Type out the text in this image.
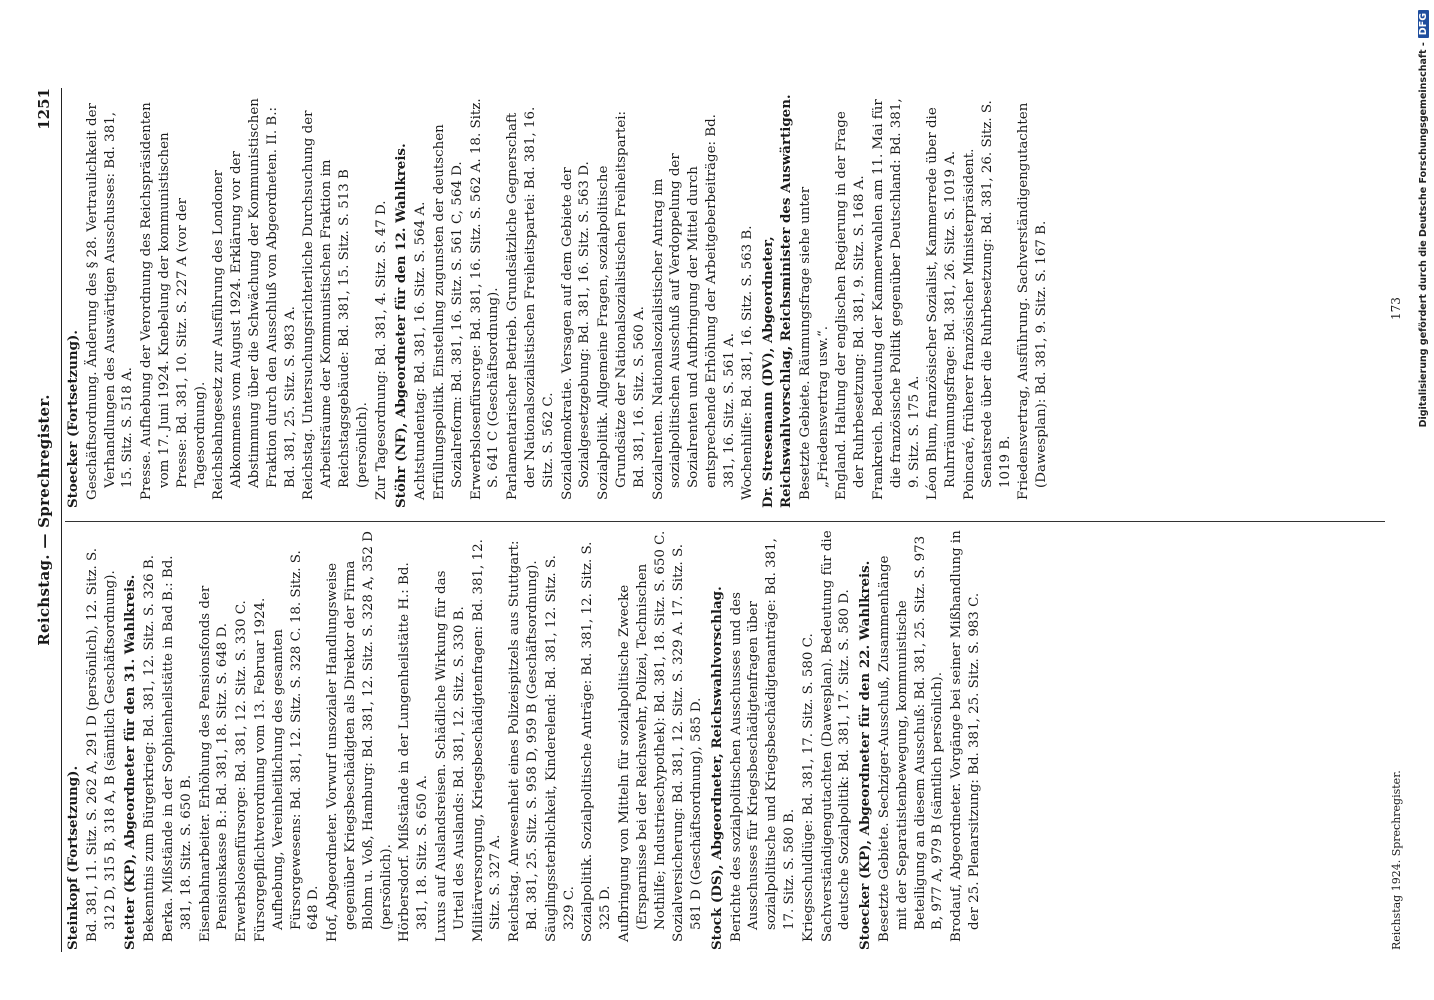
Reichstag. — Sprechregister.
1251
Steinkopf (Fortsetzung). Bd. 381, 11. Sitz. S. 262 A, 291 D (persönlich), 12. Sitz. S. 312 D, 315 B, 318 A, B (sämtlich Geschäftsordnung). Stetter (KP), Abgeordneter für den 31. Wahlkreis. Bekenntnis zum Bürgerkrieg: Bd. 381, 12. Sitz. S. 326 B. Berka. Mißstände in der Sophienheilstätte in Bad B.: Bd. 381, 18. Sitz. S. 650 B. Eisenbahnarbeiter. Erhöhung des Pensionsfonds der Pensionskasse B.: Bd. 381, 18. Sitz. S. 648 D. Erwerbslosenfürsorge: Bd. 381, 12. Sitz. S. 330 C. Fürsorgepflichtverordnung vom 13. Februar 1924. Aufhebung, Vereinheitlichung des gesamten Fürsorgewesens: Bd. 381, 12. Sitz. S. 328 C. 18. Sitz. S. 648 D. Hof, Abgeordneter. Vorwurf unsozialer Handlungsweise gegenüber Kriegsbeschädigten als Direktor der Firma Blohm u. Voß, Hamburg: Bd. 381, 12. Sitz. S. 328 A, 352 D (persönlich). Hörbersdorf. Mißstände in der Lungenheilstätte H.: Bd. 381, 18. Sitz. S. 650 A. Luxus auf Auslandsreisen. Schädliche Wirkung für das Urteil des Auslands: Bd. 381, 12. Sitz. S. 330 B. Militärversorgung, Kriegsbeschädigtenfragen: Bd. 381, 12. Sitz. S. 327 A. Reichstag. Anwesenheit eines Polizeispitzels aus Stuttgart: Bd. 381, 25. Sitz. S. 958 D, 959 B (Geschäftsordnung). Säuglingssterblichkeit, Kinderelend: Bd. 381, 12. Sitz. S. 329 C. Sozialpolitik. Sozialpolitische Anträge: Bd. 381, 12. Sitz. S. 325 D. Aufbringung von Mitteln für sozialpolitische Zwecke (Ersparnisse bei der Reichswehr, Polizei, Technischen Nothilfe; Industrieschypothek): Bd. 381, 18. Sitz. S. 650 C. Sozialversicherung: Bd. 381, 12. Sitz. S. 329 A. 17. Sitz. S. 581 D (Geschäftsordnung), 585 D. Stock (DS), Abgeordneter, Reichswahlvorschlag. Berichte des sozialpolitischen Ausschusses und des Ausschusses für Kriegsbeschädigtenfragen über sozialpolitische und Kriegsbeschädigtenanträge: Bd. 381, 17. Sitz. S. 580 B. Kriegsschuldlüge: Bd. 381, 17. Sitz. S. 580 C. Sachverständigengutachten (Dawesplan). Bedeutung für die deutsche Sozialpolitik: Bd. 381, 17. Sitz. S. 580 D. Stoecker (KP), Abgeordneter für den 22. Wahlkreis. Besetzte Gebiete. Sechziger-Ausschuß, Zusammenhänge mit der Separatistenbewegung, kommunistische Beteiligung an diesem Ausschuß: Bd. 381, 25. Sitz. S. 973 B, 977 A, 979 B (sämtlich persönlich). Brodauf, Abgeordneter. Vorgänge bei seiner Mißhandlung in der 25. Plenarsitzung: Bd. 381, 25. Sitz. S. 983 C.
Stoecker (Fortsetzung). Geschäftsordnung. Änderung des § 28. Vertraulichkeit der Verhandlungen des Auswärtigen Ausschusses: Bd. 381, 15. Sitz. S. 518 A. Presse. Aufhebung der Verordnung des Reichspräsidenten vom 17. Juni 1924. Knebelung der kommunistischen Presse: Bd. 381, 10. Sitz. S. 227 A (vor der Tagesordnung). Reichsbahngesetz zur Ausführung des Londoner Abkommens vom August 1924. Erklärung vor der Abstimmung über die Schwächung der Kommunistischen Fraktion durch den Ausschluß von Abgeordneten. II. B.: Bd. 381, 25. Sitz. S. 983 A. Reichstag. Untersuchungsrichterliche Durchsuchung der Arbeitsräume der Kommunistischen Fraktion im Reichstagsgebäude: Bd. 381, 15. Sitz. S. 513 B (persönlich). Zur Tagesordnung: Bd. 381, 4. Sitz. S. 47 D. Stöhr (NF), Abgeordneter für den 12. Wahlkreis. Achtstundentag: Bd. 381, 16. Sitz. S. 564 A. Erfüllungspolitik. Einstellung zugunsten der deutschen Sozialreform: Bd. 381, 16. Sitz. S. 561 C, 564 D. Erwerbslosenfürsorge: Bd. 381, 16. Sitz. S. 562 A. 18. Sitz. S. 641 C (Geschäftsordnung). Parlamentarischer Betrieb. Grundsätzliche Gegnerschaft der Nationalsozialistischen Freiheitspartei: Bd. 381, 16. Sitz. S. 562 C. Sozialdemokratie. Versagen auf dem Gebiete der Sozialgesetzgebung: Bd. 381, 16. Sitz. S. 563 D. Sozialpolitik. Allgemeine Fragen, sozialpolitische Grundsätze der Nationalsozialistischen Freiheitspartei: Bd. 381, 16. Sitz. S. 560 A. Sozialrenten. Nationalsozialistischer Antrag im sozialpolitischen Ausschuß auf Verdoppelung der Sozialrenten und Aufbringung der Mittel durch entsprechende Erhöhung der Arbeitgeberbeiträge: Bd. 381, 16. Sitz. S. 561 A. Wochenhilfe: Bd. 381, 16. Sitz. S. 563 B. Dr. Stresemann (DV), Abgeordneter, Reichswahlvorschlag, Reichsminister des Auswärtigen. Besetzte Gebiete. Räumungsfrage siehe unter „Friedensvertrag usw.“. England. Haltung der englischen Regierung in der Frage der Ruhrbesetzung: Bd. 381, 9. Sitz. S. 168 A. Frankreich. Bedeutung der Kammerwahlen am 11. Mai für die französische Politik gegenüber Deutschland: Bd. 381, 9. Sitz. S. 175 A. Léon Blum, französischer Sozialist, Kammerrede über die Ruhrräumungsfrage: Bd. 381, 26. Sitz. S. 1019 A. Poincaré, früherer französischer Ministerpräsident. Senatsrede über die Ruhrbesetzung: Bd. 381, 26. Sitz. S. 1019 B. Friedensvertrag, Ausführung. Sachverständigengutachten (Dawesplan): Bd. 381, 9. Sitz. S. 167 B.
Reichstag 1924. Sprechregister.
173 Digitalisierung gefördert durch die Deutsche Forschungsgemeinschaft -DFG
